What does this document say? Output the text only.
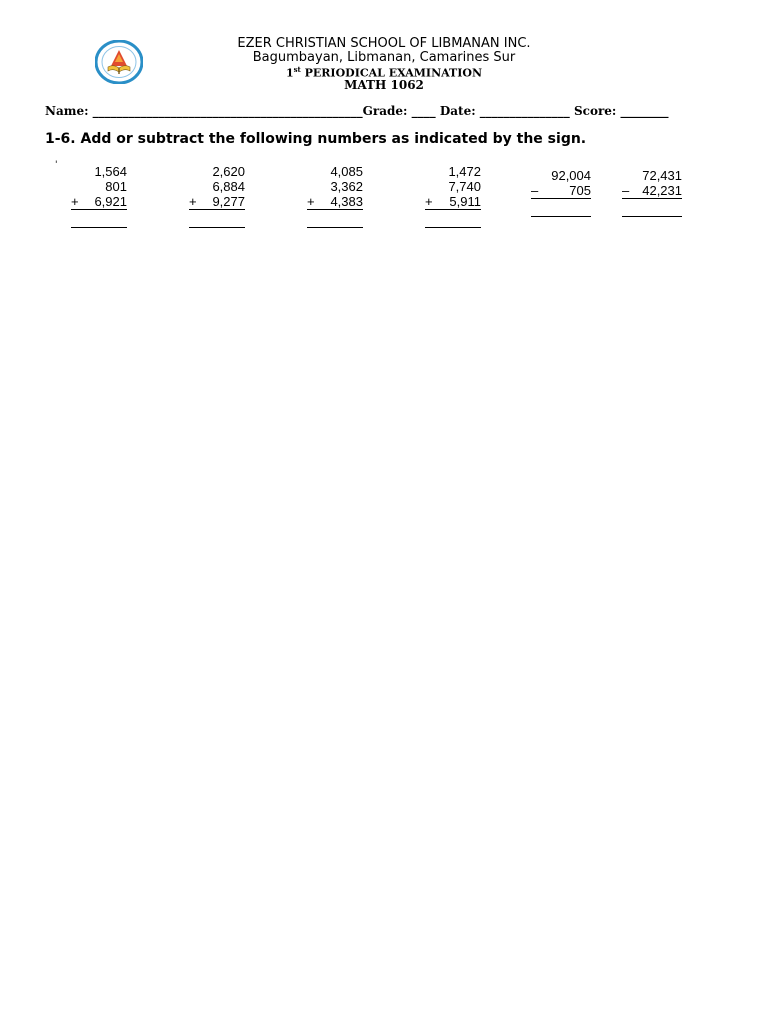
EZER CHRISTIAN SCHOOL OF LIBMANAN INC.
Bagumbayan, Libmanan, Camarines Sur
1st PERIODICAL EXAMINATION
MATH 1062
Name: _____________________________________________Grade: ____ Date: _______________ Score: ________
1-6. Add or subtract the following numbers as indicated by the sign.
'	1,564
801
+ 6,921
2,620
6,884
+ 9,277
4,085
3,362
+ 4,383
1,472
7,740
+ 5,911
92,004
– 705
72,431
– 42,231
